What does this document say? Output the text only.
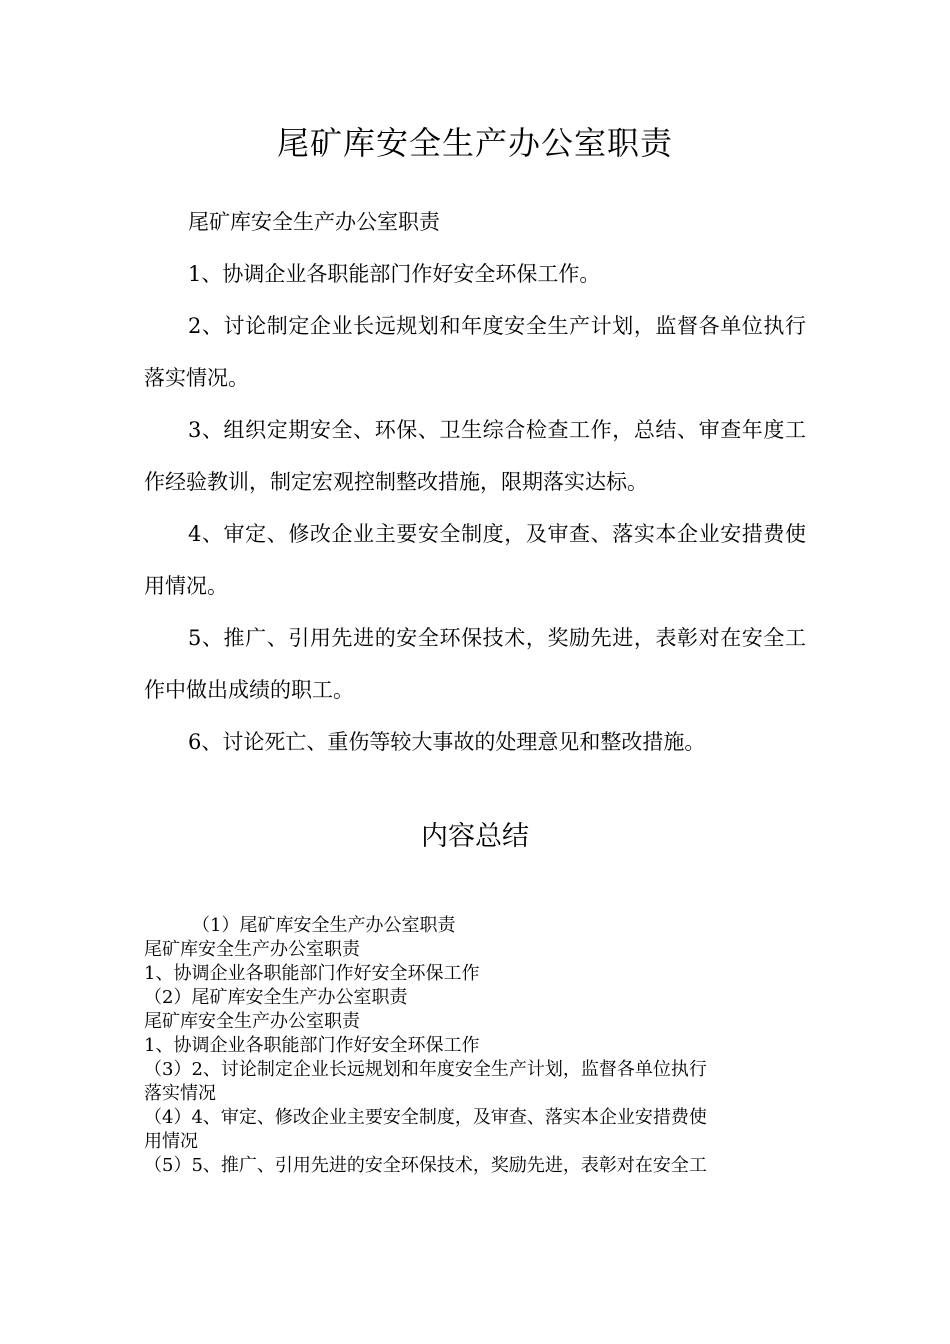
尾矿库安全生产办公室职责

尾矿库安全生产办公室职责

1、协调企业各职能部门作好安全环保工作。

2、讨论制定企业长远规划和年度安全生产计划，监督各单位执行落实情况。

3、组织定期安全、环保、卫生综合检查工作，总结、审查年度工作经验教训，制定宏观控制整改措施，限期落实达标。

4、审定、修改企业主要安全制度，及审查、落实本企业安措费使用情况。

5、推广、引用先进的安全环保技术，奖励先进，表彰对在安全工作中做出成绩的职工。

6、讨论死亡、重伤等较大事故的处理意见和整改措施。

内容总结

（1）尾矿库安全生产办公室职责

尾矿库安全生产办公室职责

1、协调企业各职能部门作好安全环保工作

（2）尾矿库安全生产办公室职责

尾矿库安全生产办公室职责

1、协调企业各职能部门作好安全环保工作

（3）2、讨论制定企业长远规划和年度安全生产计划，监督各单位执行

落实情况

（4）4、审定、修改企业主要安全制度，及审查、落实本企业安措费使

用情况

（5）5、推广、引用先进的安全环保技术，奖励先进，表彰对在安全工
